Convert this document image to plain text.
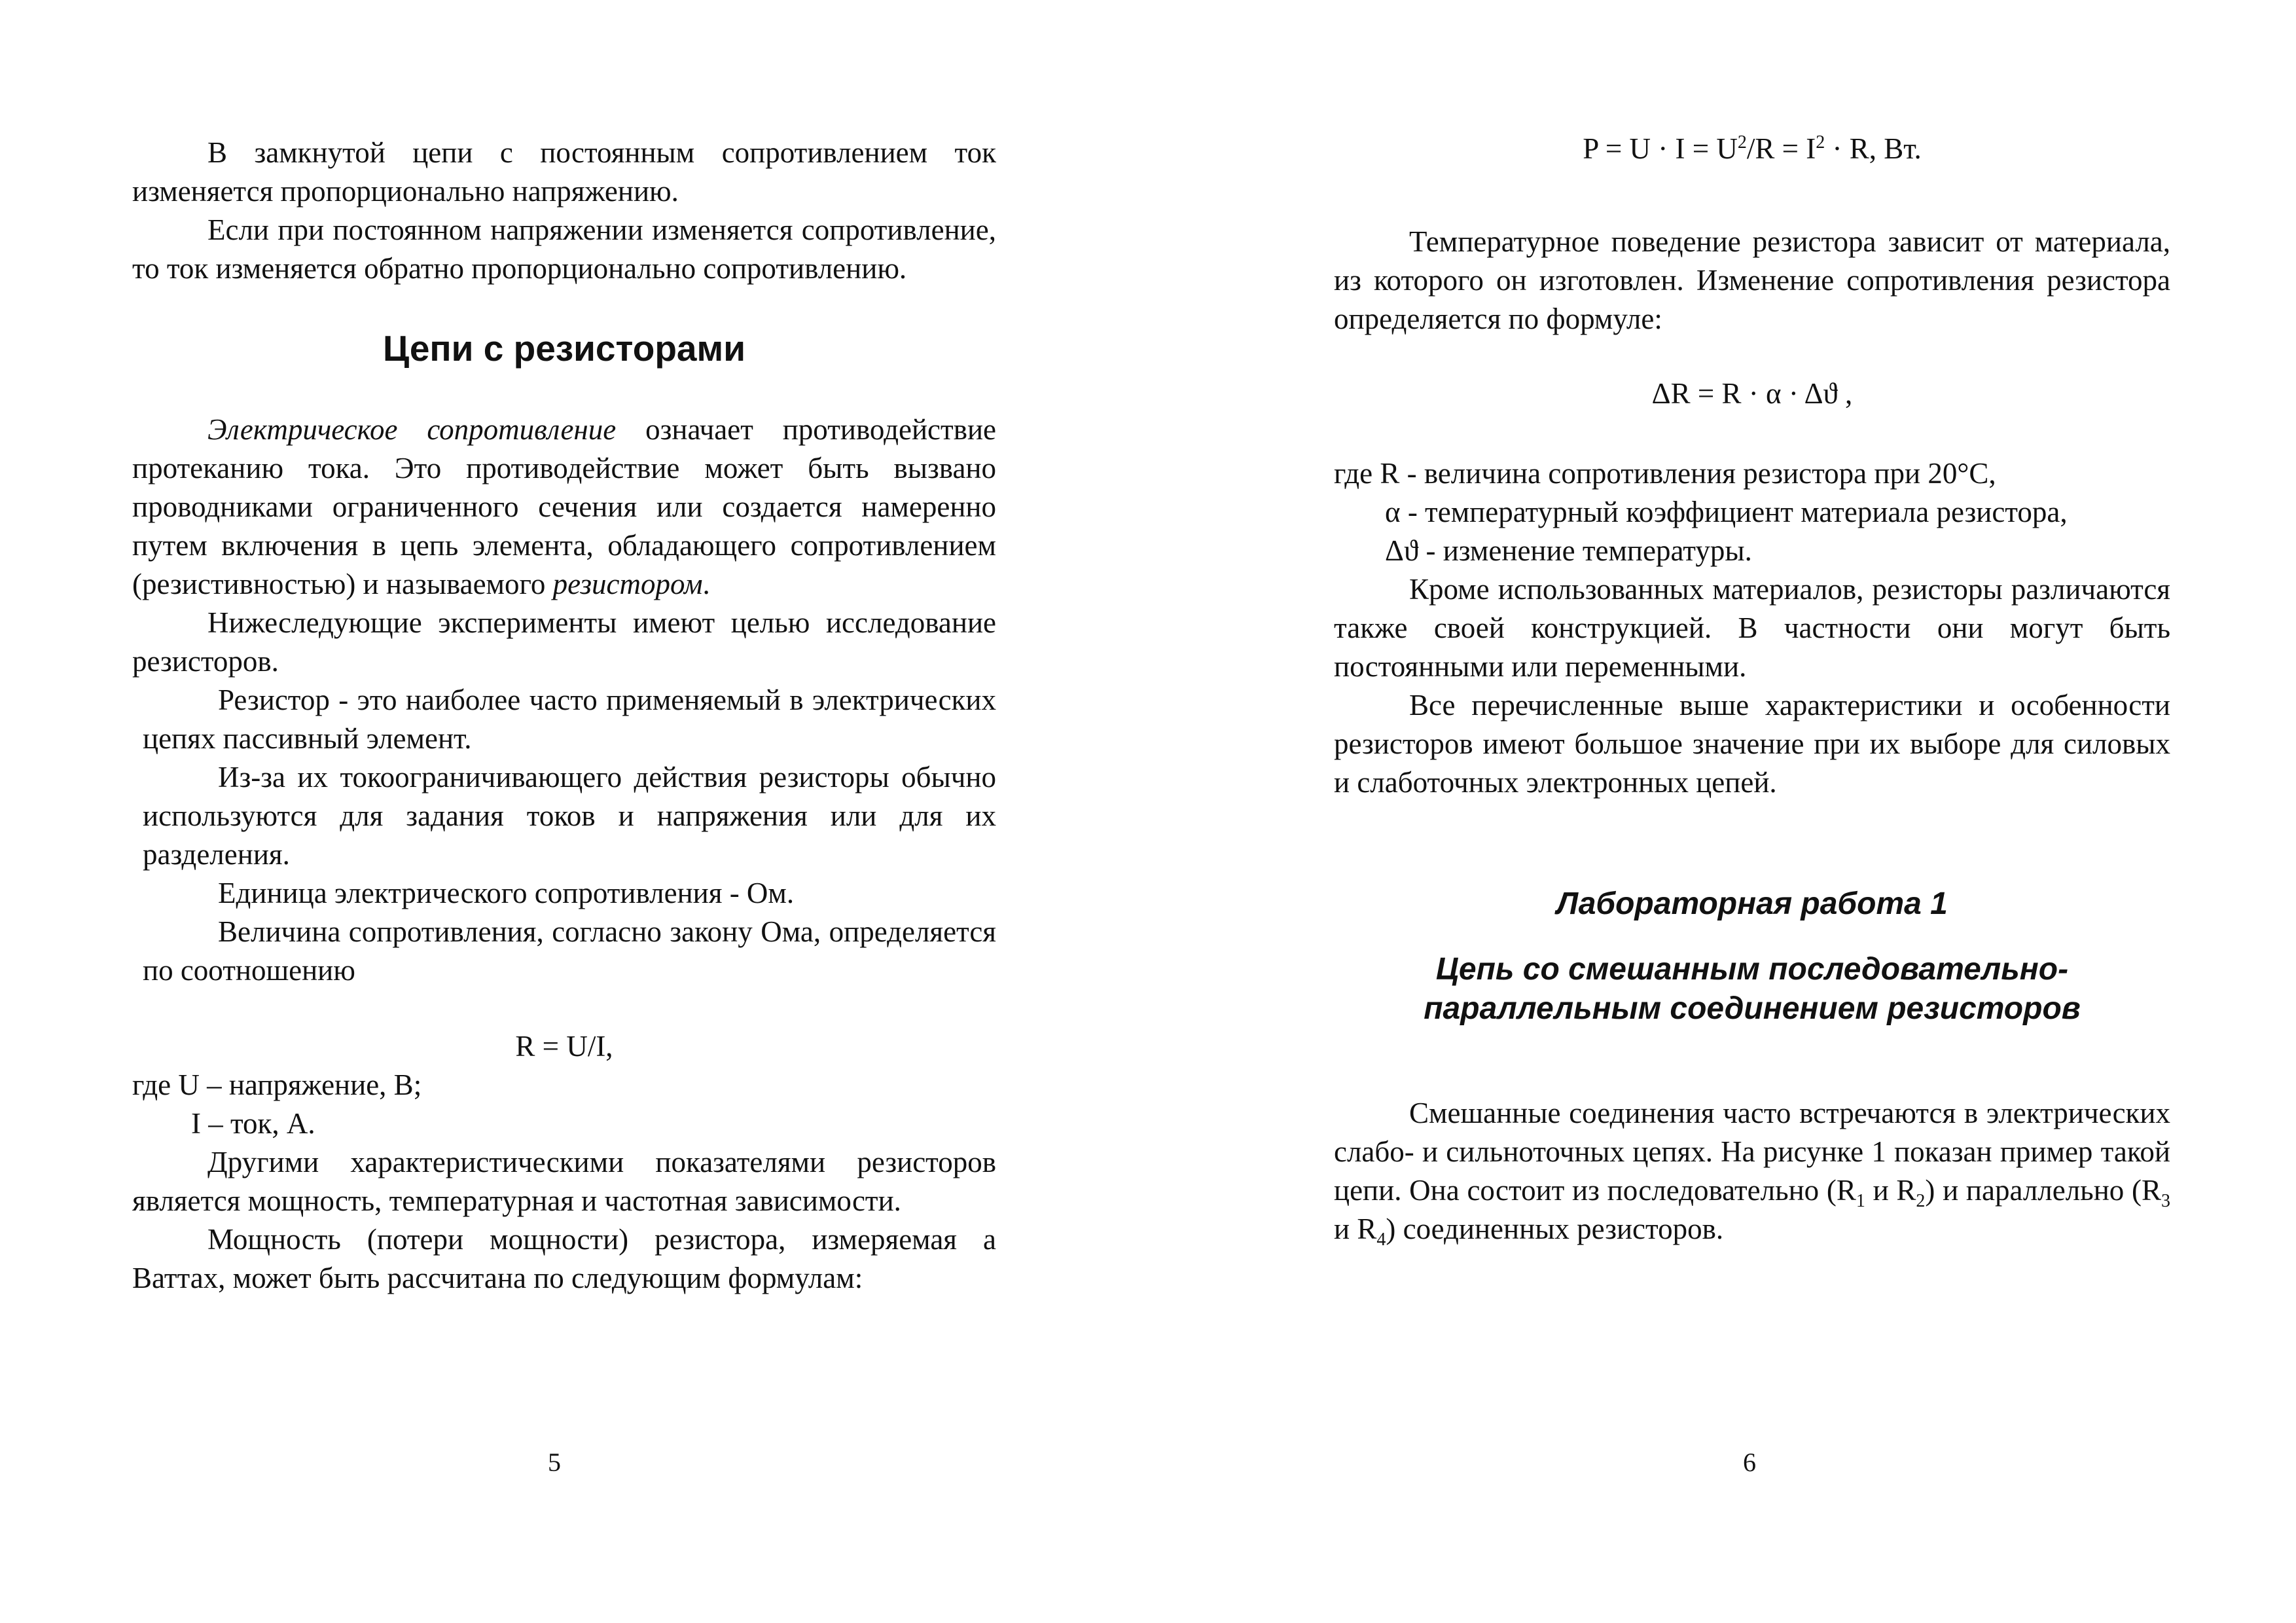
В замкнутой цепи с постоянным сопротивлением ток изменяется пропорционально напряжению.

Если при постоянном напряжении изменяется сопротивление, то ток изменяется обратно пропорционально сопротивлению.

Цепи с резисторами

Электрическое сопротивление означает противодействие протеканию тока. Это противодействие может быть вызвано проводниками ограниченного сечения или создается намеренно путем включения в цепь элемента, обладающего сопротивлением (резистивностью) и называемого резистором.

Нижеследующие эксперименты имеют целью исследование резисторов.

Резистор - это наиболее часто применяемый в электрических цепях пассивный элемент.

Из-за их токоограничивающего действия резисторы обычно используются для задания токов и напряжения или для их разделения.

Единица электрического сопротивления - Ом.

Величина сопротивления, согласно закону Ома, определяется по соотношению

R = U/I,

где U – напряжение, В;

I – ток, А.

Другими характеристическими показателями резисторов является мощность, температурная и частотная зависимости.

Мощность (потери мощности) резистора, измеряемая а Ваттах, может быть рассчитана по следующим формулам:

5
$P = U \cdot I = U^2/R = I^2 \cdot R$, Вт.

Температурное поведение резистора зависит от материала, из которого он изготовлен. Изменение сопротивления резистора определяется по формуле:

ΔR = R · α · Δϑ ,

где R - величина сопротивления резистора при 20°С,

α - температурный коэффициент материала резистора,

Δϑ - изменение температуры.

Кроме использованных материалов, резисторы различаются также своей конструкцией. В частности они могут быть постоянными или переменными.

Все перечисленные выше характеристики и особенности резисторов имеют большое значение при их выборе для силовых и слаботочных электронных цепей.

Лабораторная работа 1
Цепь со смешанным последовательно-
параллельным соединением резисторов

Смешанные соединения часто встречаются в электрических слабо- и сильноточных цепях. На рисунке 1 показан пример такой цепи. Она состоит из последовательно ($R_1$ и $R_2$) и параллельно ($R_3$ и $R_4$) соединенных резисторов.

6
